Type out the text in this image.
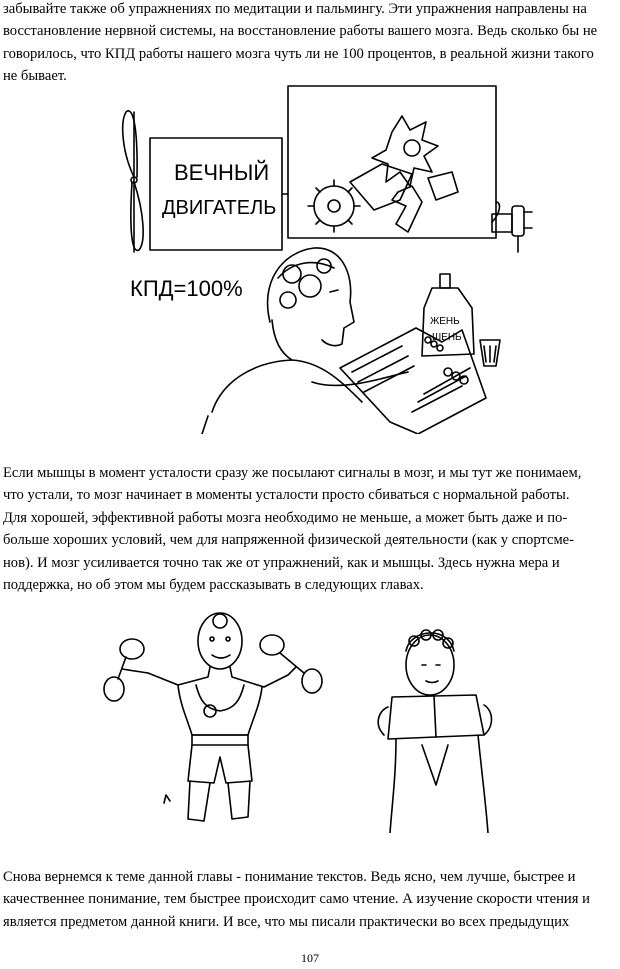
забывайте также об упражнениях по медитации и пальмингу. Эти упражнения направлены на
восстановление нервной системы, на восстановление работы вашего мозга. Ведь сколько бы не
говорилось, что КПД работы нашего мозга чуть ли не 100 процентов, в реальной жизни такого
не бывает.
ВЕЧНЫЙ
ДВИГАТЕЛЬ
КПД=100%
ЖЕНЬ
ШЕНЬ
Если мышцы в момент усталости сразу же посылают сигналы в мозг, и мы тут же понимаем,
что устали, то мозг начинает в моменты усталости просто сбиваться с нормальной работы.
Для хорошей, эффективной работы мозга необходимо не меньше, а может быть даже и по-
больше хороших условий, чем для напряженной физической деятельности (как у спортсме-
нов). И мозг усиливается точно так же от упражнений, как и мышцы. Здесь нужна мера и
поддержка, но об этом мы будем рассказывать в следующих главах.
Снова вернемся к теме данной главы - понимание текстов. Ведь ясно, чем лучше, быстрее и
качественнее понимание, тем быстрее происходит само чтение. А изучение скорости чтения и
является предметом данной книги. И все, что мы писали практически во всех предыдущих
107
